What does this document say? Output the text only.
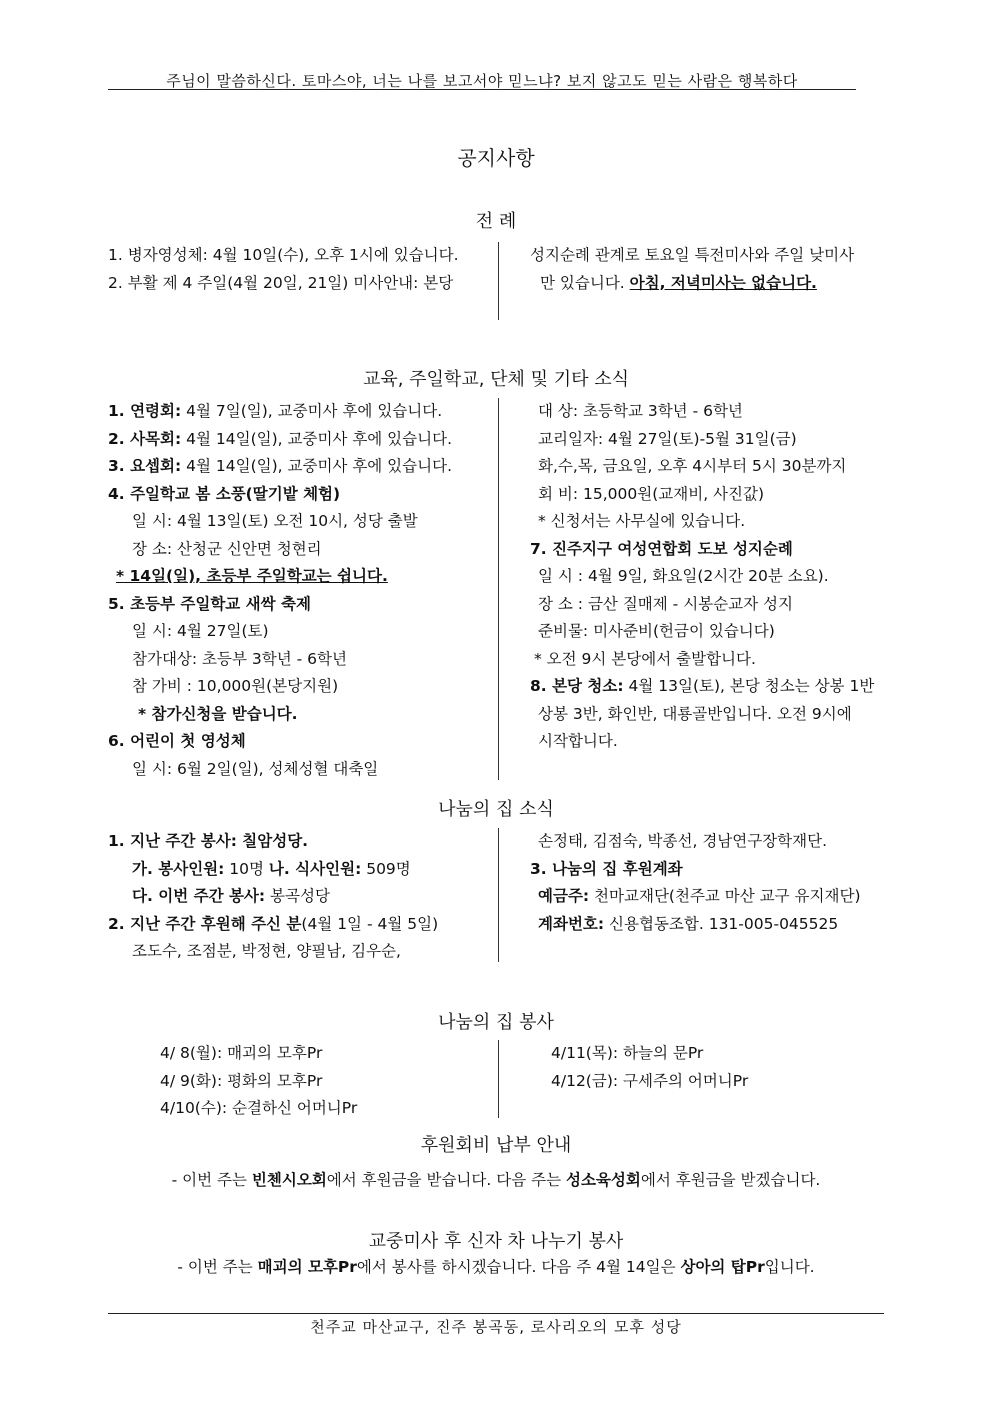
주님이 말씀하신다. 토마스야, 너는 나를 보고서야 믿느냐? 보지 않고도 믿는 사람은 행복하다
공지사항
전 례
1. 병자영성체: 4월 10일(수), 오후 1시에 있습니다.
2. 부활 제 4 주일(4월 20일, 21일) 미사안내: 본당
성지순례 관계로 토요일 특전미사와 주일 낮미사
만 있습니다. 아침, 저녁미사는 없습니다.
교육, 주일학교, 단체 및 기타 소식
1. 연령회: 4월 7일(일), 교중미사 후에 있습니다.
2. 사목회: 4월 14일(일), 교중미사 후에 있습니다.
3. 요셉회: 4월 14일(일), 교중미사 후에 있습니다.
4. 주일학교 봄 소풍(딸기밭 체험)
일 시: 4월 13일(토) 오전 10시, 성당 출발
장 소: 산청군 신안면 청현리
* 14일(일), 초등부 주일학교는 쉽니다.
5. 초등부 주일학교 새싹 축제
일 시: 4월 27일(토)
참가대상: 초등부 3학년 - 6학년
참 가비 : 10,000원(본당지원)
* 참가신청을 받습니다.
6. 어린이 첫 영성체
일 시: 6월 2일(일), 성체성혈 대축일
대 상: 초등학교 3학년 - 6학년
교리일자: 4월 27일(토)-5월 31일(금)
화,수,목, 금요일, 오후 4시부터 5시 30분까지
회 비: 15,000원(교재비, 사진값)
* 신청서는 사무실에 있습니다.
7. 진주지구 여성연합회 도보 성지순례
일 시 : 4월 9일, 화요일(2시간 20분 소요).
장 소 : 금산 질매제 - 시봉순교자 성지
준비물: 미사준비(헌금이 있습니다)
* 오전 9시 본당에서 출발합니다.
8. 본당 청소: 4월 13일(토), 본당 청소는 상봉 1반
상봉 3반, 화인반, 대룡골반입니다. 오전 9시에
시작합니다.
나눔의 집 소식
1. 지난 주간 봉사: 칠암성당.
가. 봉사인원: 10명 나. 식사인원: 509명
다. 이번 주간 봉사: 봉곡성당
2. 지난 주간 후원해 주신 분(4월 1일 - 4월 5일)
조도수, 조점분, 박정현, 양필남, 김우순,
손정태, 김점숙, 박종선, 경남연구장학재단.
3. 나눔의 집 후원계좌
예금주: 천마교재단(천주교 마산 교구 유지재단)
계좌번호: 신용협동조합. 131-005-045525
나눔의 집 봉사
4/ 8(월): 매괴의 모후Pr
4/ 9(화): 평화의 모후Pr
4/10(수): 순결하신 어머니Pr
4/11(목): 하늘의 문Pr
4/12(금): 구세주의 어머니Pr
후원회비 납부 안내
- 이번 주는 빈첸시오회에서 후원금을 받습니다. 다음 주는 성소육성회에서 후원금을 받겠습니다.
교중미사 후 신자 차 나누기 봉사
- 이번 주는 매괴의 모후Pr에서 봉사를 하시겠습니다. 다음 주 4월 14일은 상아의 탑Pr입니다.
천주교 마산교구, 진주 봉곡동, 로사리오의 모후 성당
